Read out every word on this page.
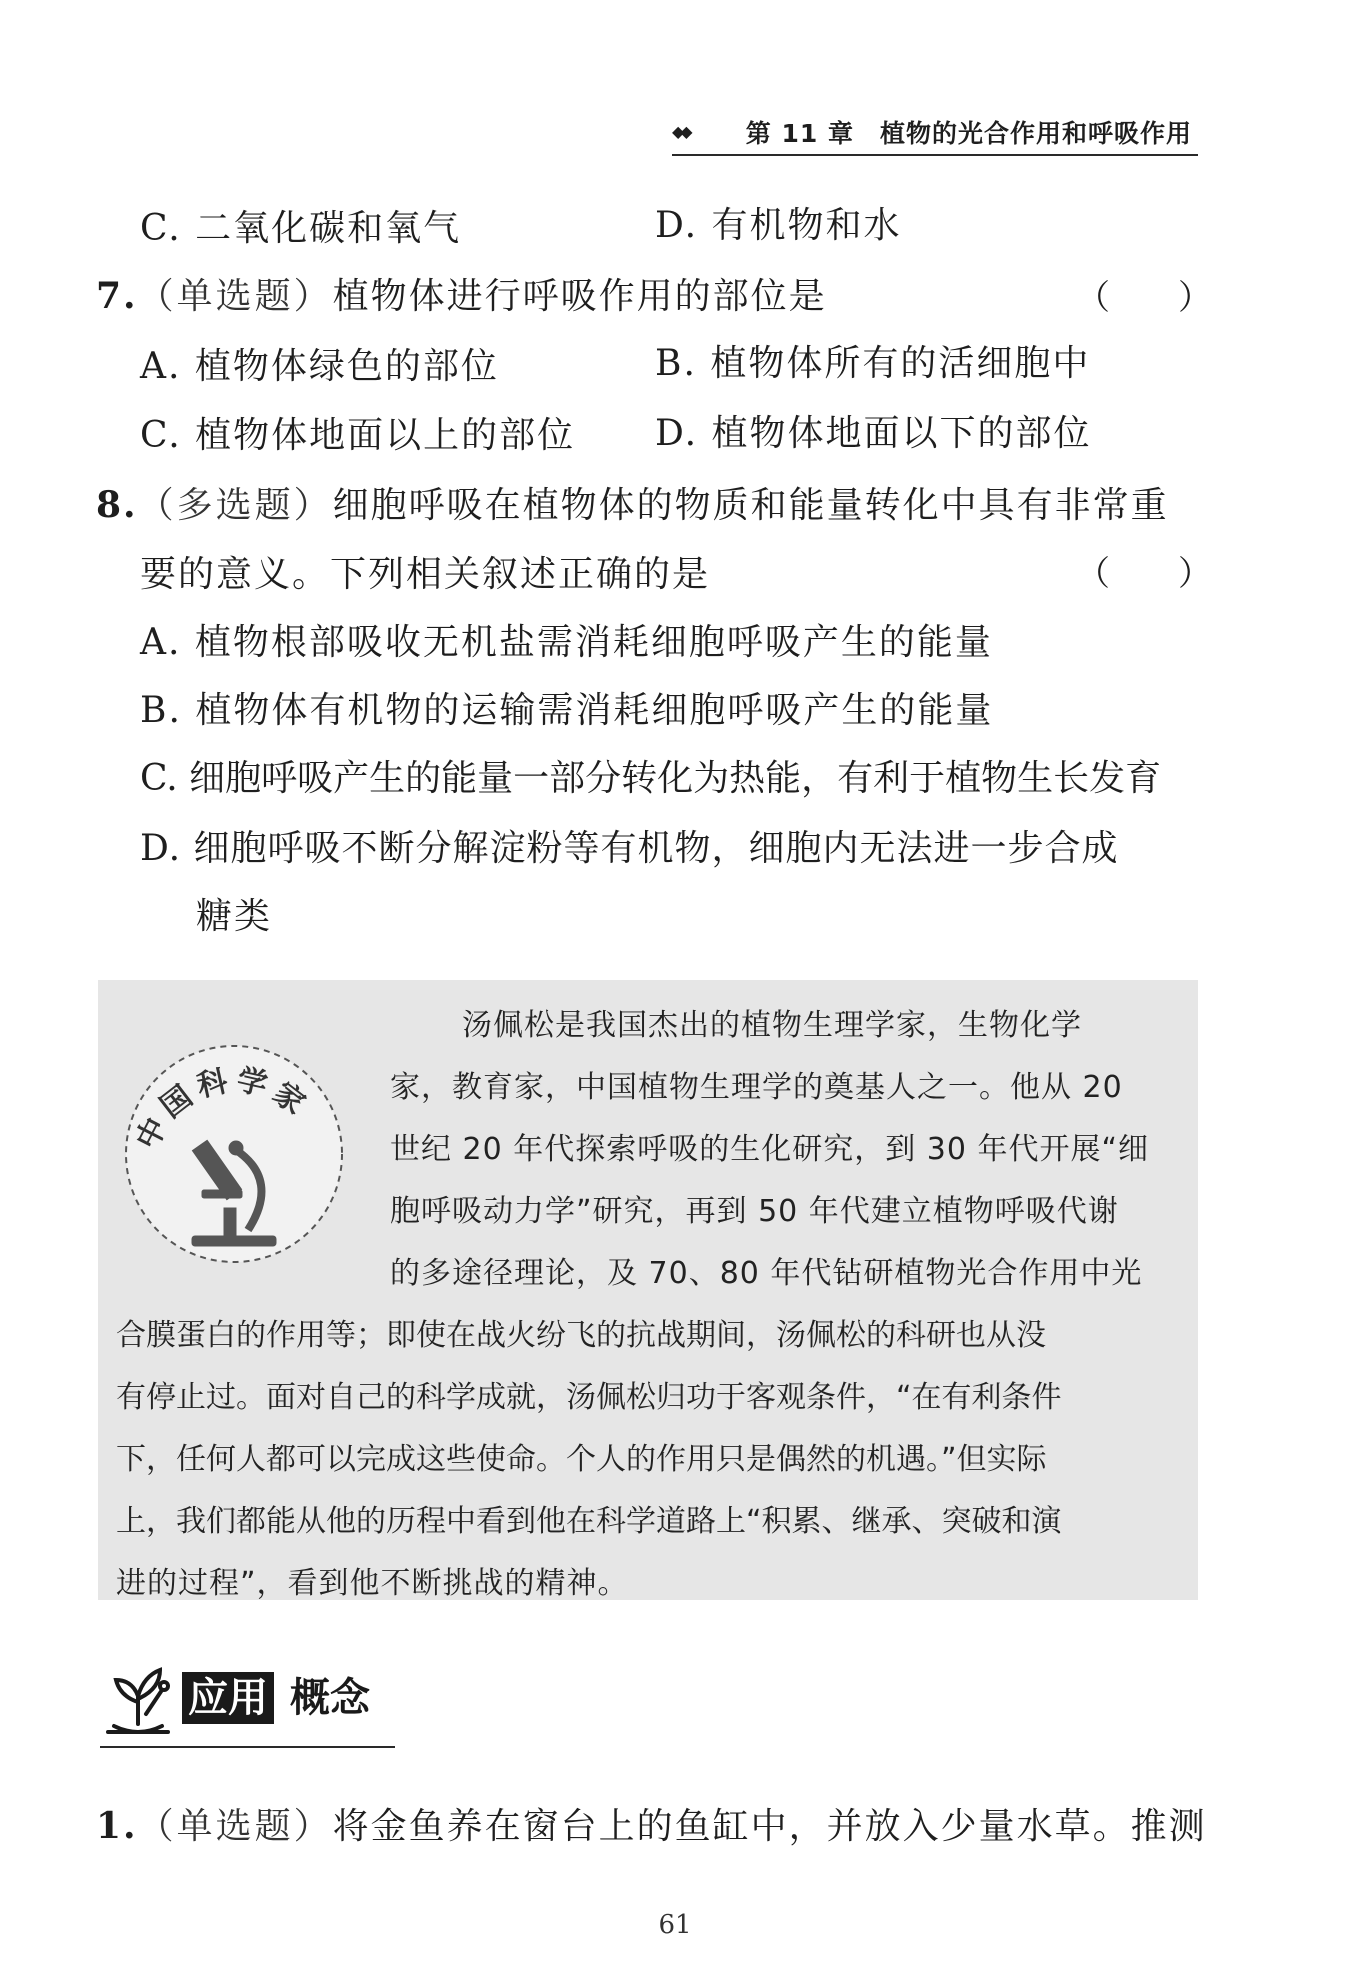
◆◆ 第 11 章　植物的光合作用和呼吸作用
C. 二氧化碳和氧气	D. 有机物和水
7.（单选题）植物体进行呼吸作用的部位是	（　　）
A. 植物体绿色的部位	B. 植物体所有的活细胞中
C. 植物体地面以上的部位 D. 植物体地面以下的部位
8.（多选题）细胞呼吸在植物体的物质和能量转化中具有非常重
要的意义。下列相关叙述正确的是	（　　）
A. 植物根部吸收无机盐需消耗细胞呼吸产生的能量
B. 植物体有机物的运输需消耗细胞呼吸产生的能量
C. 细胞呼吸产生的能量一部分转化为热能，有利于植物生长发育
D. 细胞呼吸不断分解淀粉等有机物，细胞内无法进一步合成
糖类
中国科学家
汤佩松是我国杰出的植物生理学家，生物化学
家，教育家，中国植物生理学的奠基人之一。他从 20
世纪 20 年代探索呼吸的生化研究，到 30 年代开展“细
胞呼吸动力学”研究，再到 50 年代建立植物呼吸代谢
的多途径理论，及 70、80 年代钻研植物光合作用中光
合膜蛋白的作用等；即使在战火纷飞的抗战期间，汤佩松的科研也从没
有停止过。面对自己的科学成就，汤佩松归功于客观条件，“在有利条件
下，任何人都可以完成这些使命。个人的作用只是偶然的机遇。”但实际
上，我们都能从他的历程中看到他在科学道路上“积累、继承、突破和演
进的过程”，看到他不断挑战的精神。
应用 概念
1.（单选题）将金鱼养在窗台上的鱼缸中，并放入少量水草。推测
61
